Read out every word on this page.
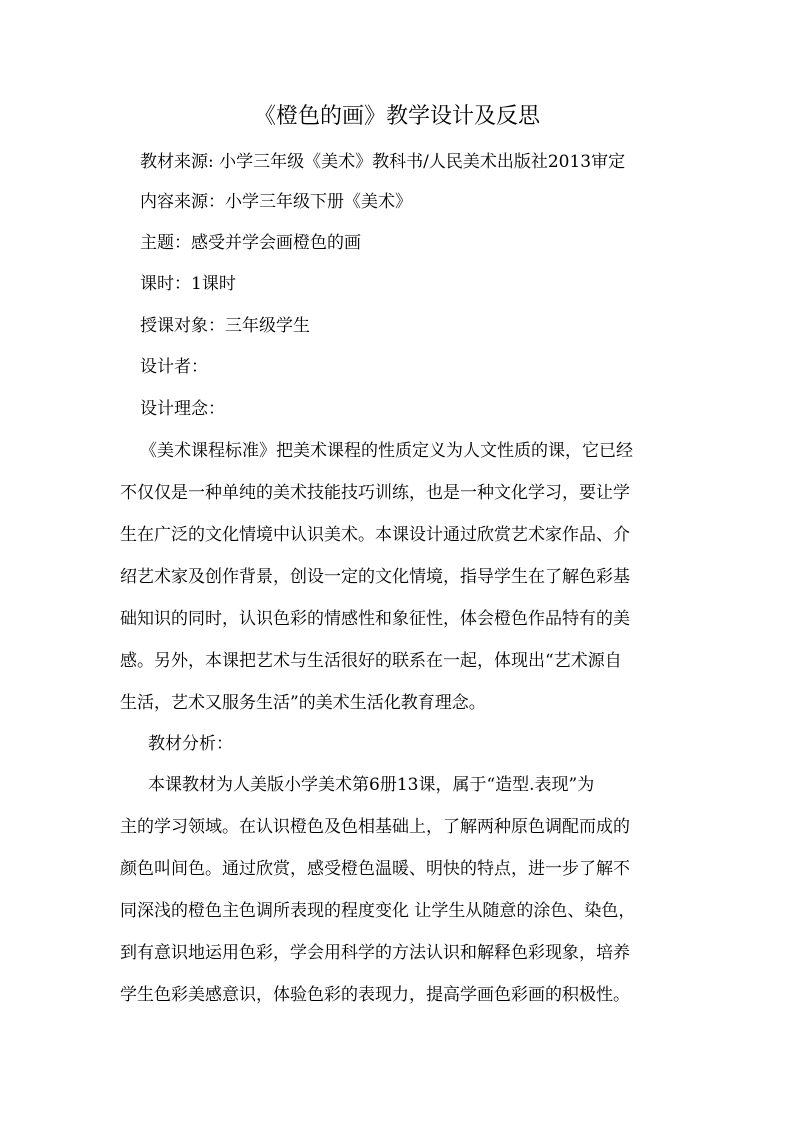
《橙色的画》教学设计及反思
教材来源: 小学三年级《美术》教科书/人民美术出版社2013审定
内容来源：小学三年级下册《美术》
主题：感受并学会画橙色的画
课时：1课时
授课对象：三年级学生
设计者：
设计理念：
《美术课程标准》把美术课程的性质定义为人文性质的课，它已经
不仅仅是一种单纯的美术技能技巧训练，也是一种文化学习，要让学
生在广泛的文化情境中认识美术。本课设计通过欣赏艺术家作品、介
绍艺术家及创作背景，创设一定的文化情境，指导学生在了解色彩基
础知识的同时，认识色彩的情感性和象征性，体会橙色作品特有的美
感。另外，本课把艺术与生活很好的联系在一起，体现出“艺术源自
生活，艺术又服务生活”的美术生活化教育理念。
教材分析：
本课教材为人美版小学美术第6册13课，属于“造型.表现”为
主的学习领域。在认识橙色及色相基础上，了解两种原色调配而成的
颜色叫间色。通过欣赏，感受橙色温暖、明快的特点，进一步了解不
同深浅的橙色主色调所表现的程度变化 让学生从随意的涂色、染色，
到有意识地运用色彩，学会用科学的方法认识和解释色彩现象，培养
学生色彩美感意识，体验色彩的表现力，提高学画色彩画的积极性。
